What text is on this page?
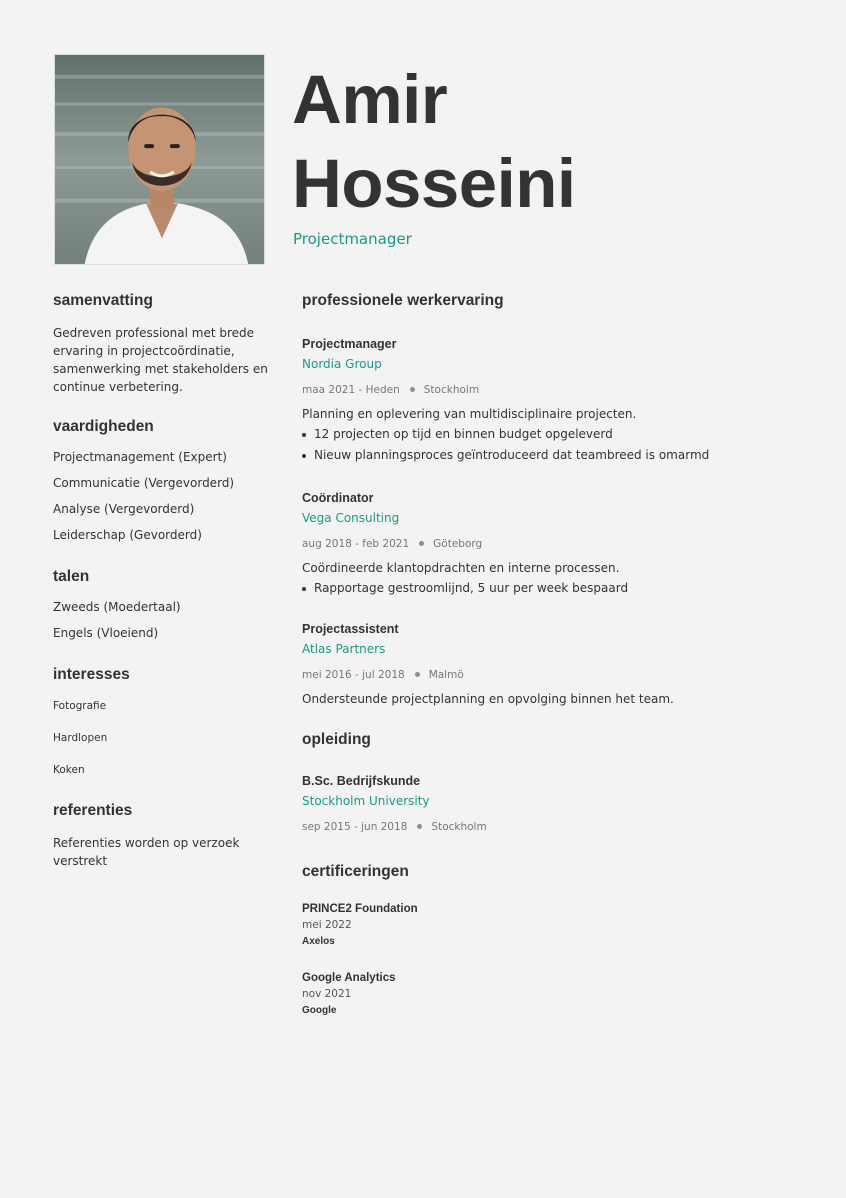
Amir
Hosseini
Projectmanager
samenvatting
Gedreven professional met brede ervaring in projectcoördinatie, samenwerking met stakeholders en continue verbetering.
vaardigheden
Projectmanagement (Expert)
Communicatie (Vergevorderd)
Analyse (Vergevorderd)
Leiderschap (Gevorderd)
talen
Zweeds (Moedertaal)
Engels (Vloeiend)
interesses
Fotografie
Hardlopen
Koken
referenties
Referenties worden op verzoek verstrekt
professionele werkervaring
Projectmanager
Nordia Group
maa 2021 - Heden Stockholm
Planning en oplevering van multidisciplinaire projecten.
12 projecten op tijd en binnen budget opgeleverd
Nieuw planningsproces geïntroduceerd dat teambreed is omarmd
Coördinator
Vega Consulting
aug 2018 - feb 2021 Göteborg
Coördineerde klantopdrachten en interne processen.
Rapportage gestroomlijnd, 5 uur per week bespaard
Projectassistent
Atlas Partners
mei 2016 - jul 2018 Malmö
Ondersteunde projectplanning en opvolging binnen het team.
opleiding
B.Sc. Bedrijfskunde
Stockholm University
sep 2015 - jun 2018 Stockholm
certificeringen
PRINCE2 Foundation
mei 2022
Axelos
Google Analytics
nov 2021
Google
